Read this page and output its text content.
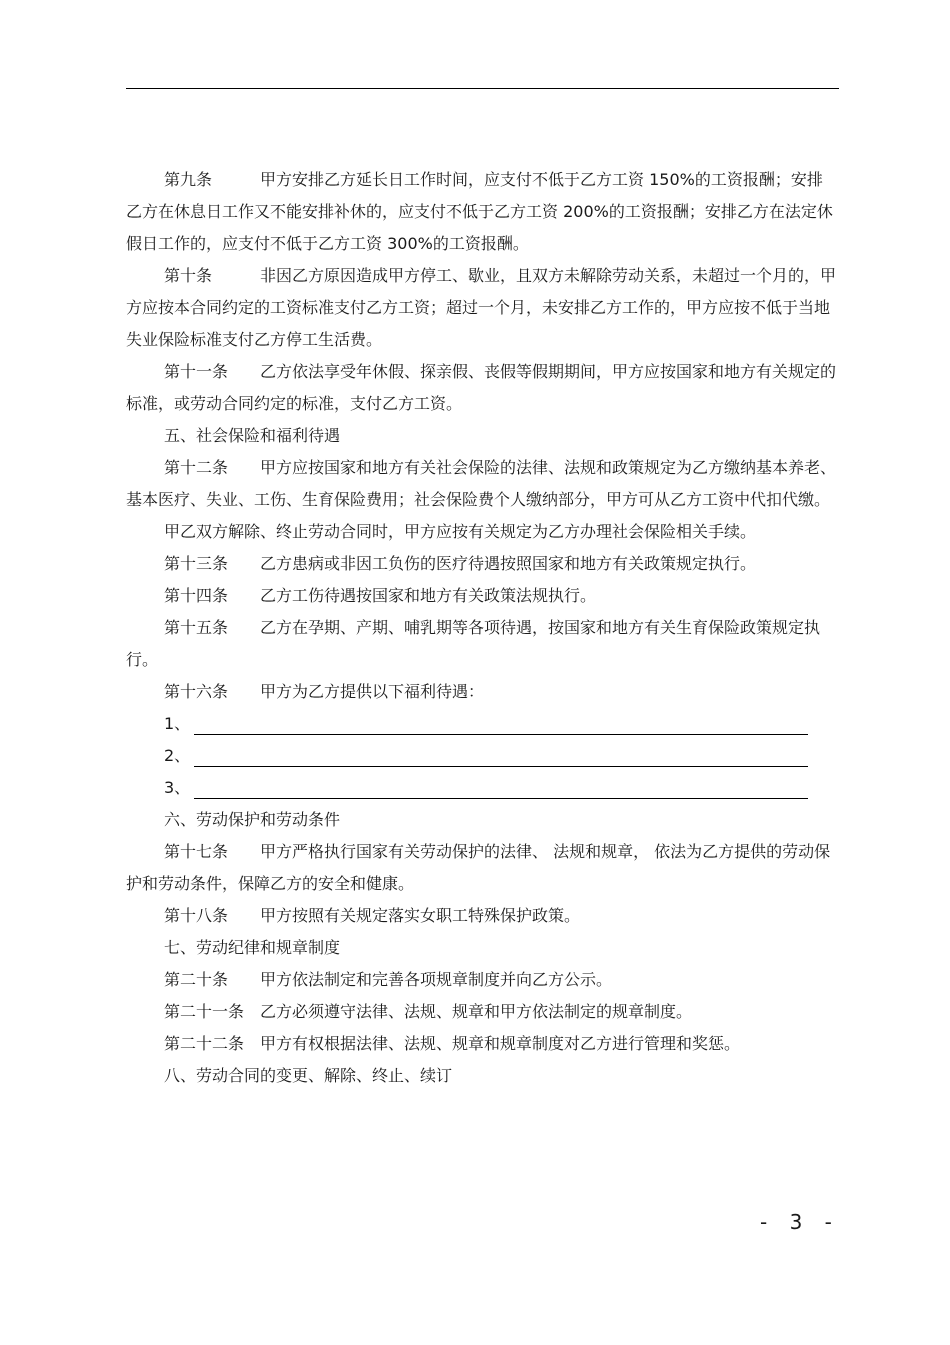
第九条	甲方安排乙方延长日工作时间，应支付不低于乙方工资 150%的工资报酬；安排乙方在休息日工作又不能安排补休的，应支付不低于乙方工资 200%的工资报酬；安排乙方在法定休假日工作的，应支付不低于乙方工资 300%的工资报酬。

第十条	非因乙方原因造成甲方停工、歇业，且双方未解除劳动关系，未超过一个月的，甲方应按本合同约定的工资标准支付乙方工资；超过一个月，未安排乙方工作的，甲方应按不低于当地失业保险标准支付乙方停工生活费。

第十一条 乙方依法享受年休假、探亲假、丧假等假期期间，甲方应按国家和地方有关规定的标准，或劳动合同约定的标准，支付乙方工资。

五、社会保险和福利待遇

第十二条 甲方应按国家和地方有关社会保险的法律、法规和政策规定为乙方缴纳基本养老、基本医疗、失业、工伤、生育保险费用；社会保险费个人缴纳部分，甲方可从乙方工资中代扣代缴。

甲乙双方解除、终止劳动合同时，甲方应按有关规定为乙方办理社会保险相关手续。

第十三条 乙方患病或非因工负伤的医疗待遇按照国家和地方有关政策规定执行。

第十四条 乙方工伤待遇按国家和地方有关政策法规执行。

第十五条 乙方在孕期、产期、哺乳期等各项待遇，按国家和地方有关生育保险政策规定执行。

第十六条 甲方为乙方提供以下福利待遇：

1、
2、
3、

六、劳动保护和劳动条件

第十七条 甲方严格执行国家有关劳动保护的法律、 法规和规章， 依法为乙方提供的劳动保护和劳动条件，保障乙方的安全和健康。

第十八条 甲方按照有关规定落实女职工特殊保护政策。

七、劳动纪律和规章制度

第二十条 甲方依法制定和完善各项规章制度并向乙方公示。

第二十一条 乙方必须遵守法律、法规、规章和甲方依法制定的规章制度。

第二十二条 甲方有权根据法律、法规、规章和规章制度对乙方进行管理和奖惩。

八、劳动合同的变更、解除、终止、续订

- 3 -
